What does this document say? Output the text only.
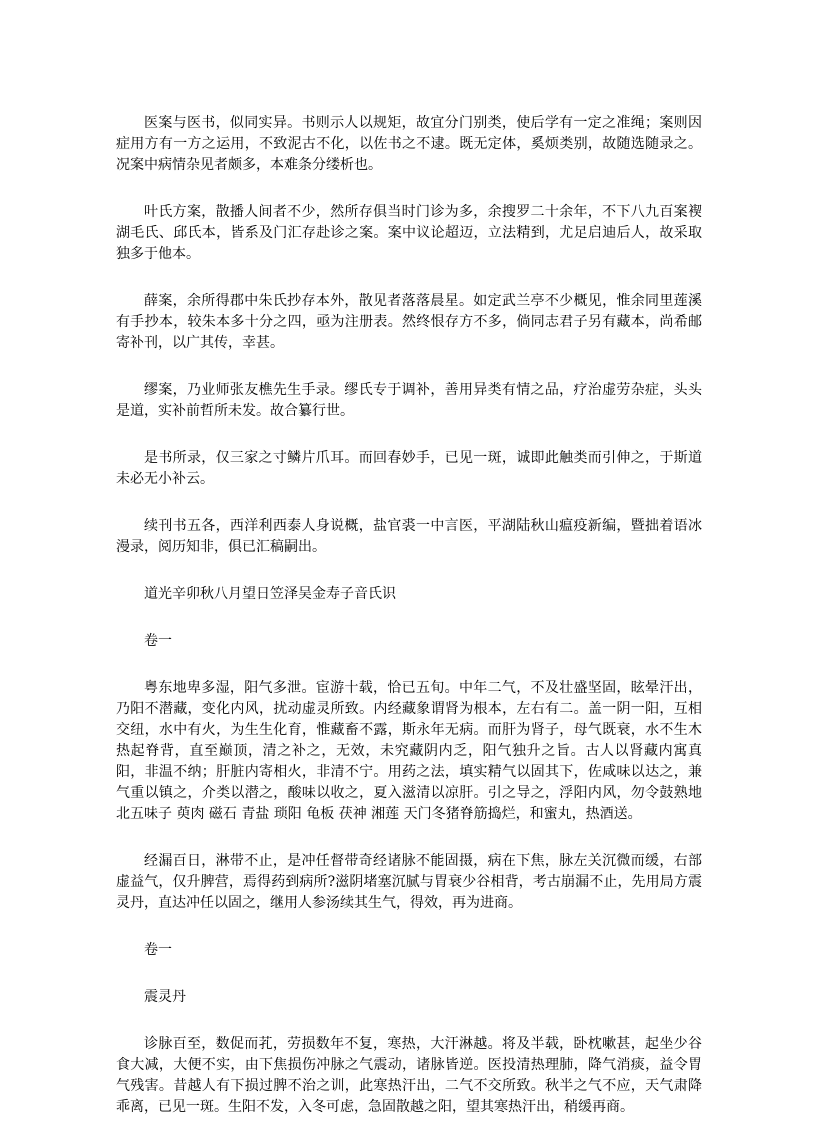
医案与医书，似同实异。书则示人以规矩，故宜分门别类，使后学有一定之准绳；案则因症用方有一方之运用，不致泥古不化，以佐书之不逮。既无定体，奚烦类别，故随选随录之。况案中病情杂见者颇多，本难条分缕析也。

叶氏方案，散播人间者不少，然所存俱当时门诊为多，余搜罗二十余年，不下八九百案褉湖毛氏、邱氏本，皆系及门汇存赴诊之案。案中议论超迈，立法精到，尤足启迪后人，故采取独多于他本。

薛案，余所得郡中朱氏抄存本外，散见者落落晨星。如定武兰亭不少概见，惟余同里莲溪有手抄本，较朱本多十分之四，亟为注册表。然终恨存方不多，倘同志君子另有藏本，尚希邮寄补刊，以广其传，幸甚。

缪案，乃业师张友樵先生手录。缪氏专于调补，善用异类有情之品，疗治虚劳杂症，头头是道，实补前哲所未发。故合纂行世。

是书所录，仅三家之寸鳞片爪耳。而回春妙手，已见一斑，诚即此触类而引伸之，于斯道未必无小补云。

续刊书五各，西洋利西泰人身说概，盐官裘一中言医，平湖陆秋山瘟疫新编，暨拙着语冰漫录，阅历知非，俱已汇稿嗣出。

道光辛卯秋八月望日笠泽吴金寿子音氏识

卷一

粤东地卑多湿，阳气多泄。宦游十载，恰已五旬。中年二气，不及壮盛坚固，眩晕汗出，乃阳不潜藏，变化内风，扰动虚灵所致。内经藏象谓肾为根本，左右有二。盖一阴一阳，互相交纽，水中有火，为生生化育，惟藏畜不露，斯永年无病。而肝为肾子，母气既衰，水不生木热起脊背，直至巅顶，清之补之，无效，未究藏阴内乏，阳气独升之旨。古人以肾藏内寓真阳，非温不纳；肝脏内寄相火，非清不宁。用药之法，填实精气以固其下，佐咸味以达之，兼气重以镇之，介类以潜之，酸味以收之，夏入滋清以凉肝。引之导之，浮阳内风，勿令鼓熟地 北五味子 萸肉 磁石 青盐 琐阳 龟板 茯神 湘莲 天门冬猪脊筋捣烂，和蜜丸，热酒送。

经漏百日，淋带不止，是冲任督带奇经诸脉不能固摄，病在下焦，脉左关沉微而缓，右部虚益气，仅升脾营，焉得药到病所?滋阴堵塞沉腻与胃衰少谷相背，考古崩漏不止，先用局方震灵丹，直达冲任以固之，继用人参汤续其生气，得效，再为进商。

卷一

震灵丹

诊脉百至，数促而芤，劳损数年不复，寒热，大汗淋越。将及半载，卧枕嗽甚，起坐少谷食大减，大便不实，由下焦损伤冲脉之气震动，诸脉皆逆。医投清热理肺，降气消痰，益令胃气残害。昔越人有下损过脾不治之训，此寒热汗出，二气不交所致。秋半之气不应，天气肃降乖离，已见一斑。生阳不发，入冬可虑，急固散越之阳，望其寒热汗出，稍缓再商。
